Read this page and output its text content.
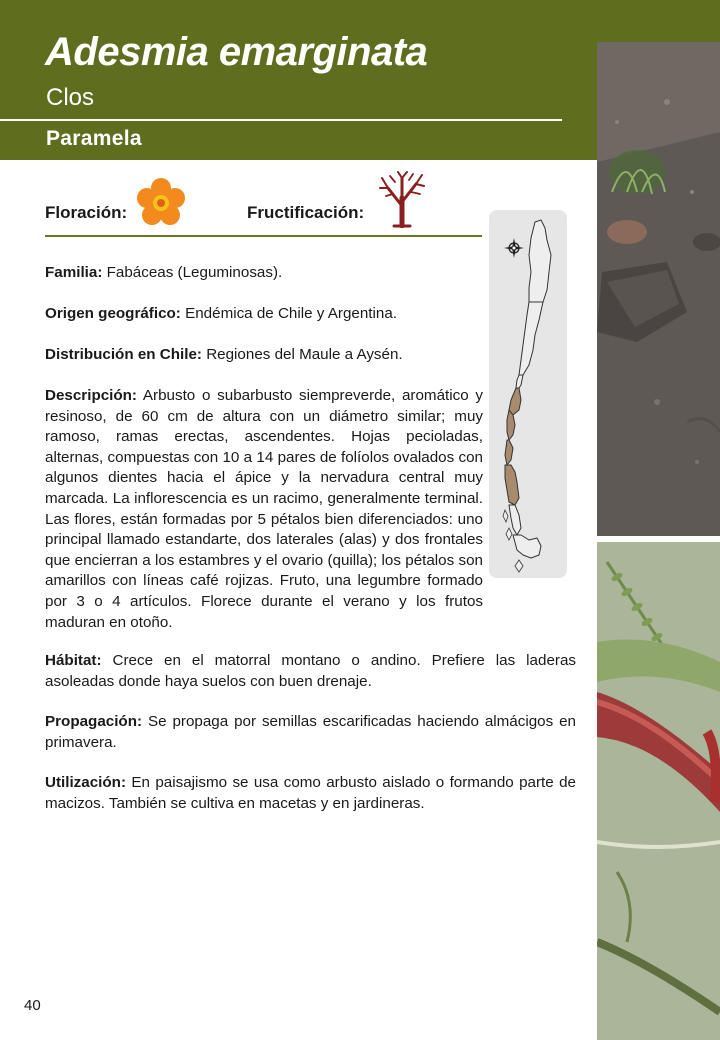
Adesmia emarginata
Clos
Paramela
Floración:	Fructificación:

Familia: Fabáceas (Leguminosas).

Origen geográfico: Endémica de Chile y Argentina.

Distribución en Chile: Regiones del Maule a Aysén.

Descripción: Arbusto o subarbusto siempreverde, aromático y resinoso, de 60 cm de altura con un diámetro similar; muy ramoso, ramas erectas, ascendentes. Hojas pecioladas, alternas, compuestas con 10 a 14 pares de folíolos ovalados con algunos dientes hacia el ápice y la nervadura central muy marcada. La inflorescencia es un racimo, generalmente terminal. Las flores, están formadas por 5 pétalos bien diferenciados: uno principal llamado estandarte, dos laterales (alas) y dos frontales que encierran a los estambres y el ovario (quilla); los pétalos son amarillos con líneas café rojizas. Fruto, una legumbre formado por 3 o 4 artículos. Florece durante el verano y los frutos maduran en otoño.

Hábitat: Crece en el matorral montano o andino. Prefiere las laderas asoleadas donde haya suelos con buen drenaje.

Propagación: Se propaga por semillas escarificadas haciendo almácigos en primavera.

Utilización: En paisajismo se usa como arbusto aislado o formando parte de macizos. También se cultiva en macetas y en jardineras.

40
